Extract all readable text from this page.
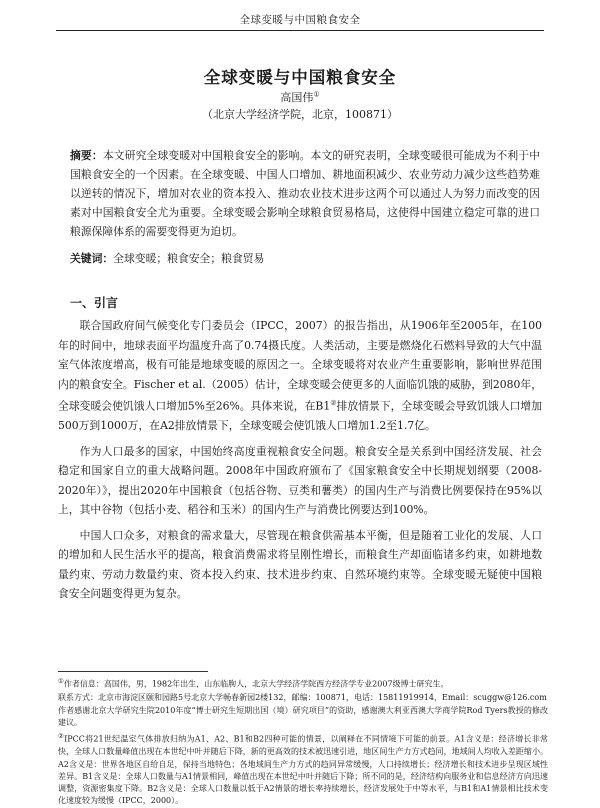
全球变暖与中国粮食安全
全球变暖与中国粮食安全
高国伟①
（北京大学经济学院，北京，100871）
摘要：本文研究全球变暖对中国粮食安全的影响。本文的研究表明，全球变暖很可能成为不利于中国粮食安全的一个因素。在全球变暖、中国人口增加、耕地面积减少、农业劳动力减少这些趋势难以逆转的情况下，增加对农业的资本投入、推动农业技术进步这两个可以通过人为努力而改变的因素对中国粮食安全尤为重要。全球变暖会影响全球粮食贸易格局，这使得中国建立稳定可靠的进口粮源保障体系的需要变得更为迫切。
关键词：全球变暖；粮食安全；粮食贸易
一、引言

联合国政府间气候变化专门委员会（IPCC，2007）的报告指出，从1906年至2005年，在100年的时间中，地球表面平均温度升高了0.74摄氏度。人类活动，主要是燃烧化石燃料导致的大气中温室气体浓度增高，极有可能是地球变暖的原因之一。全球变暖将对农业产生重要影响，影响世界范围内的粮食安全。Fischer et al.（2005）估计，全球变暖会使更多的人面临饥饿的威胁，到2080年，全球变暖会使饥饿人口增加5%至26%。具体来说，在B1②排放情景下，全球变暖会导致饥饿人口增加500万到1000万，在A2排放情景下，全球变暖会使饥饿人口增加1.2至1.7亿。

作为人口最多的国家，中国始终高度重视粮食安全问题。粮食安全是关系到中国经济发展、社会稳定和国家自立的重大战略问题。2008年中国政府颁布了《国家粮食安全中长期规划纲要（2008-2020年）》，提出2020年中国粮食（包括谷物、豆类和薯类）的国内生产与消费比例要保持在95%以上，其中谷物（包括小麦、稻谷和玉米）的国内生产与消费比例要达到100%。

中国人口众多，对粮食的需求量大，尽管现在粮食供需基本平衡，但是随着工业化的发展、人口的增加和人民生活水平的提高，粮食消费需求将呈刚性增长，而粮食生产却面临诸多约束，如耕地数量约束、劳动力数量约束、资本投入约束、技术进步约束、自然环境约束等。全球变暖无疑使中国粮食安全问题变得更为复杂。

①作者信息：高国伟，男，1982年出生，山东临朐人，北京大学经济学院西方经济学专业2007级博士研究生。

联系方式：北京市海淀区颐和园路5号北京大学畅春新园2楼132，邮编：100871，电话：15811919914，Email：scuggw@126.com

作者感谢北京大学研究生院2010年度“博士研究生短期出国（境）研究项目”的资助，感谢澳大利亚西澳大学商学院Rod Tyers教授的修改建议。

②IPCC将21世纪温室气体排放归纳为A1、A2、B1和B2四种可能的情景，以阐释在不同情境下可能的前景。A1含义是：经济增长非常快，全球人口数量峰值出现在本世纪中叶并随后下降，新的更高效的技术被迅速引进，地区间生产力方式趋同，地域间人均收入差距缩小。A2含义是：世界各地区自给自足，保持当地特色；各地域间生产力方式的趋同异常缓慢，人口持续增长；经济增长和技术进步呈现区域性差异。B1含义是：全球人口数量与A1情景相同，峰值出现在本世纪中叶并随后下降；所不同的是，经济结构向服务业和信息经济方向迅速调整，资源密集度下降。B2含义是：全球人口数量以低于A2情景的增长率持续增长，经济发展处于中等水平，与B1和A1情景相比技术变化速度较为缓慢（IPCC，2000）。
